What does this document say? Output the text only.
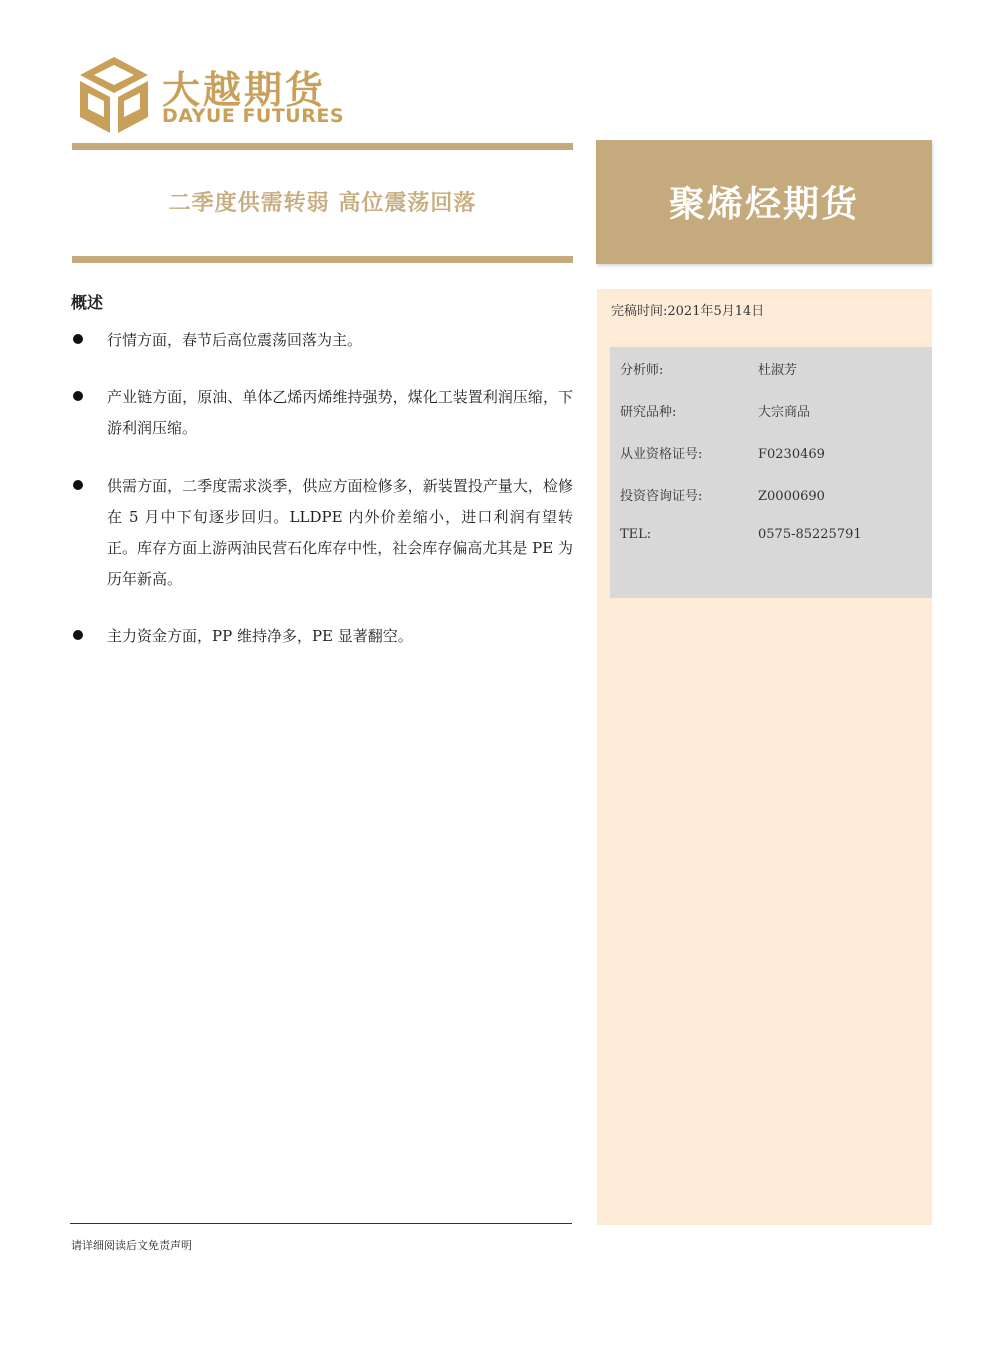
大越期货
DAYUE FUTURES
二季度供需转弱 高位震荡回落	聚烯烃期货
完稿时间:2021年5月14日
分析师:	杜淑芳
研究品种:	大宗商品
从业资格证号:	F0230469
投资咨询证号:	Z0000690
TEL:	0575-85225791
概述
行情方面，春节后高位震荡回落为主。
产业链方面，原油、单体乙烯丙烯维持强势，煤化工装置利润压缩，下游利润压缩。
供需方面，二季度需求淡季，供应方面检修多，新装置投产量大，检修在 5 月中下旬逐步回归。LLDPE 内外价差缩小，进口利润有望转正。库存方面上游两油民营石化库存中性，社会库存偏高尤其是 PE 为历年新高。
主力资金方面，PP 维持净多，PE 显著翻空。
请详细阅读后文免责声明
